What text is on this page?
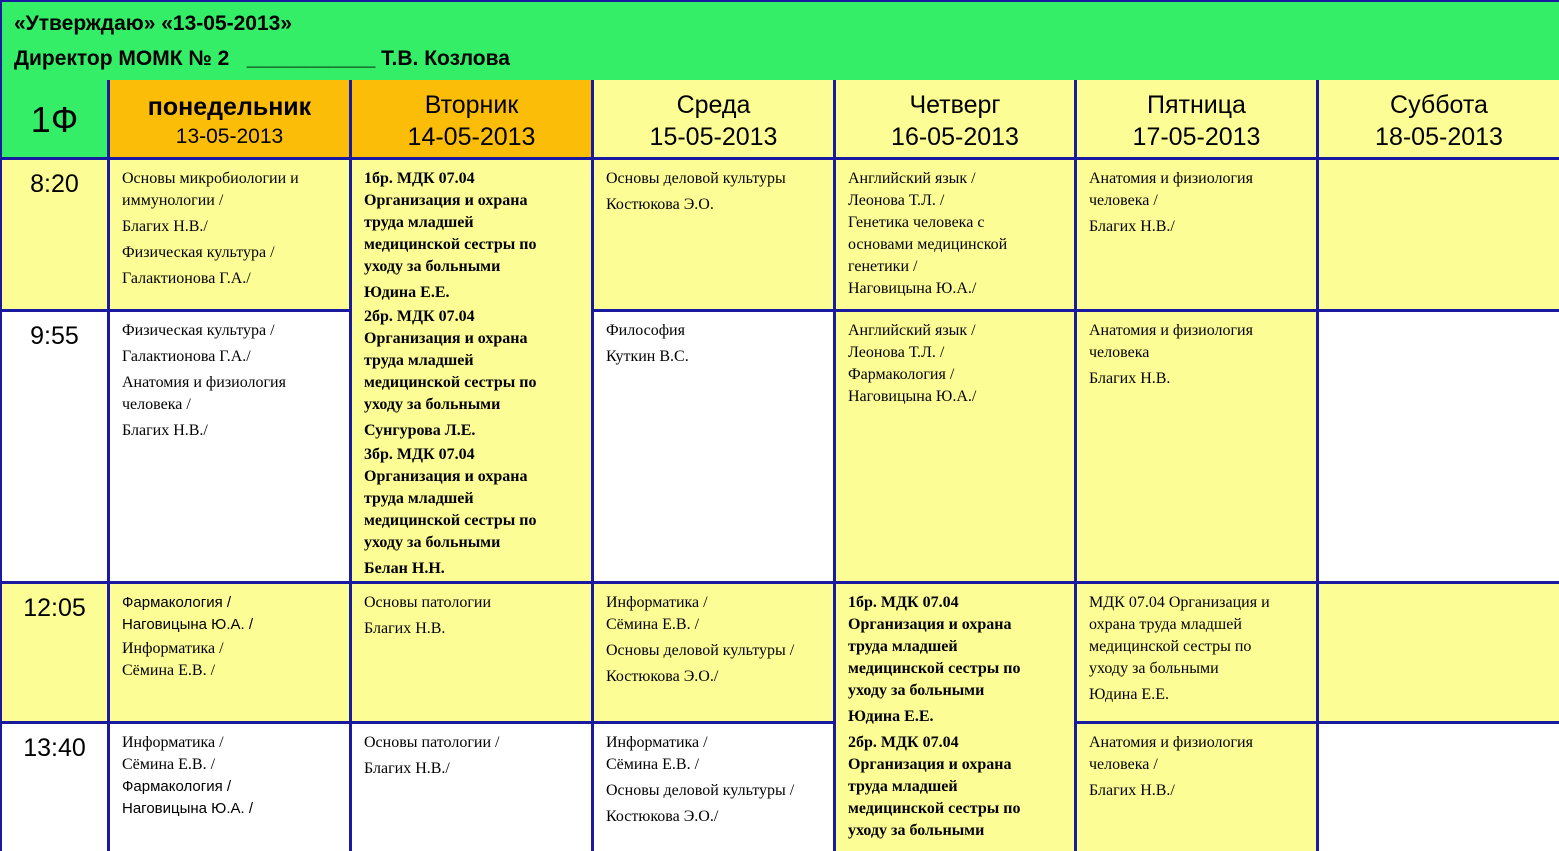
«Утверждаю» «13-05-2013»
Директор МОМК № 2   ___________ Т.В. Козлова
1Ф	понедельник
13-05-2013
Вторник
14-05-2013
Среда
15-05-2013
Четверг
16-05-2013
Пятница
17-05-2013
Суббота
18-05-2013
8:20
9:55
12:05
13:40
Основы микробиологии и
иммунологии /
Благих Н.В./
Физическая культура /
Галактионова Г.А./
Физическая культура /
Галактионова Г.А./
Анатомия и физиология
человека /
Благих Н.В./
Фармакология /
Наговицына Ю.А. /
Информатика /
Сёмина Е.В. /
Информатика /
Сёмина Е.В. /
Фармакология /
Наговицына Ю.А. /
1бр. МДК 07.04
Организация и охрана
труда младшей
медицинской сестры по
уходу за больными
Юдина Е.Е.
2бр. МДК 07.04
Организация и охрана
труда младшей
медицинской сестры по
уходу за больными
Сунгурова Л.Е.
3бр. МДК 07.04
Организация и охрана
труда младшей
медицинской сестры по
уходу за больными
Белан Н.Н.
Основы патологии
Благих Н.В.
Основы патологии /
Благих Н.В./
Основы деловой культуры
Костюкова Э.О.
Философия
Куткин В.С.
Информатика /
Сёмина Е.В. /
Основы деловой культуры /
Костюкова Э.О./
Информатика /
Сёмина Е.В. /
Основы деловой культуры /
Костюкова Э.О./
Английский язык /
Леонова Т.Л. /
Генетика человека с
основами медицинской
генетики /
Наговицына Ю.А./
Английский язык /
Леонова Т.Л. /
Фармакология /
Наговицына Ю.А./
1бр. МДК 07.04
Организация и охрана
труда младшей
медицинской сестры по
уходу за больными
Юдина Е.Е.
2бр. МДК 07.04
Организация и охрана
труда младшей
медицинской сестры по
уходу за больными
Анатомия и физиология
человека /
Благих Н.В./
Анатомия и физиология
человека
Благих Н.В.
МДК 07.04 Организация и
охрана труда младшей
медицинской сестры по
уходу за больными
Юдина Е.Е.
Анатомия и физиология
человека /
Благих Н.В./
